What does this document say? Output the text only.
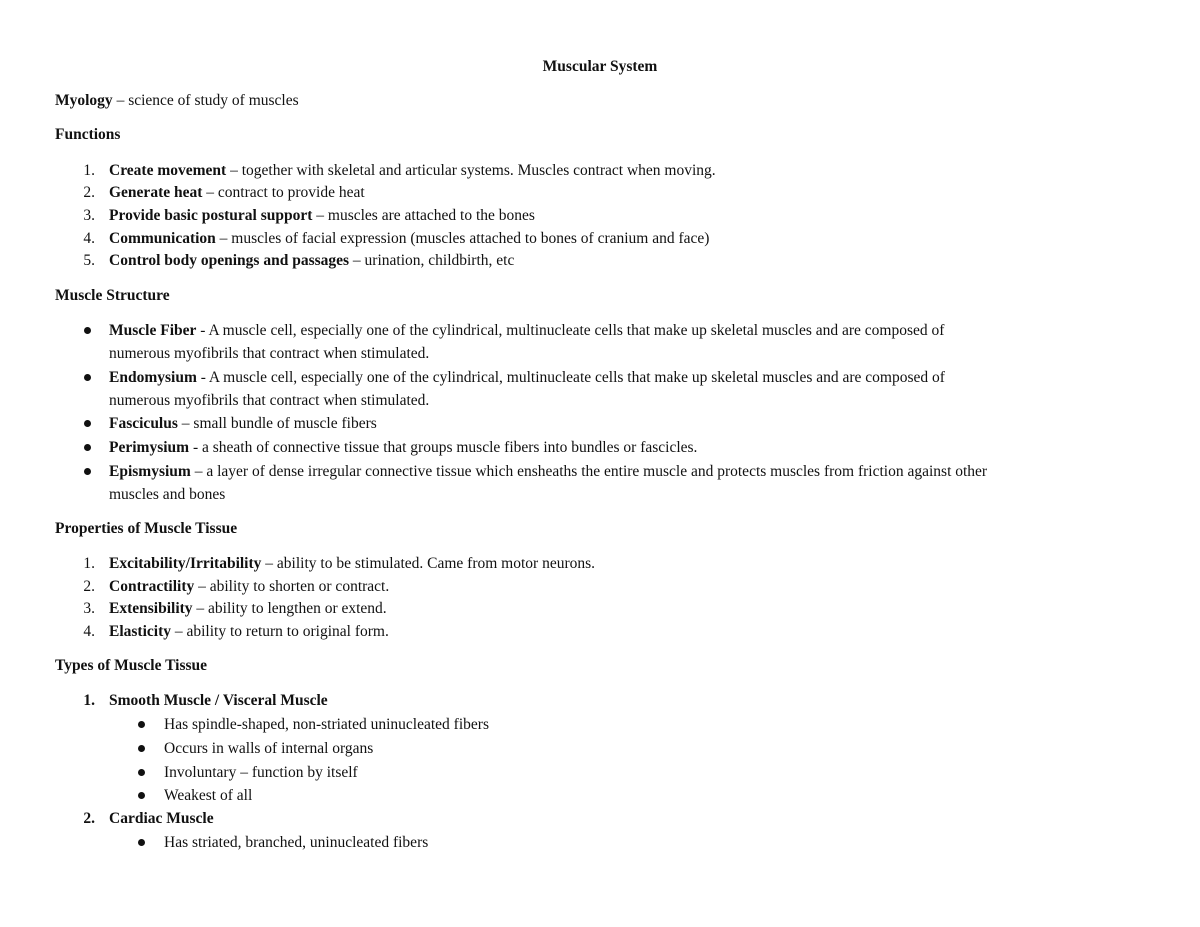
Muscular System
Myology – science of study of muscles
Functions
1. Create movement – together with skeletal and articular systems. Muscles contract when moving.
2. Generate heat – contract to provide heat
3. Provide basic postural support – muscles are attached to the bones
4. Communication – muscles of facial expression (muscles attached to bones of cranium and face)
5. Control body openings and passages – urination, childbirth, etc
Muscle Structure
Muscle Fiber - A muscle cell, especially one of the cylindrical, multinucleate cells that make up skeletal muscles and are composed of
numerous myofibrils that contract when stimulated.
Endomysium - A muscle cell, especially one of the cylindrical, multinucleate cells that make up skeletal muscles and are composed of
numerous myofibrils that contract when stimulated.
Fasciculus – small bundle of muscle fibers
Perimysium - a sheath of connective tissue that groups muscle fibers into bundles or fascicles.
Epismysium – a layer of dense irregular connective tissue which ensheaths the entire muscle and protects muscles from friction against other
muscles and bones
Properties of Muscle Tissue
1. Excitability/Irritability – ability to be stimulated. Came from motor neurons.
2. Contractility – ability to shorten or contract.
3. Extensibility – ability to lengthen or extend.
4. Elasticity – ability to return to original form.
Types of Muscle Tissue
1. Smooth Muscle / Visceral Muscle
Has spindle-shaped, non-striated uninucleated fibers
Occurs in walls of internal organs
Involuntary – function by itself
Weakest of all
2. Cardiac Muscle
Has striated, branched, uninucleated fibers
